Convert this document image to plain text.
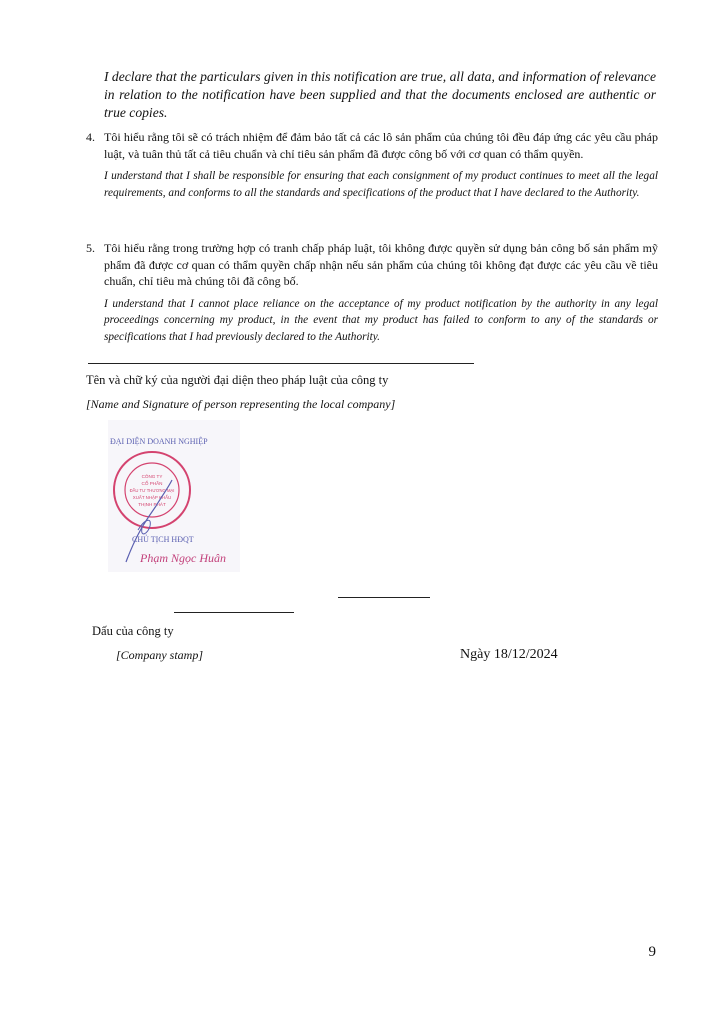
I declare that the particulars given in this notification are true, all data, and information of relevance in relation to the notification have been supplied and that the documents enclosed are authentic or true copies.
4. Tôi hiểu rằng tôi sẽ có trách nhiệm để đảm bảo tất cả các lô sản phẩm của chúng tôi đều đáp ứng các yêu cầu pháp luật, và tuân thủ tất cả tiêu chuẩn và chỉ tiêu sản phẩm đã được công bố với cơ quan có thẩm quyền.
I understand that I shall be responsible for ensuring that each consignment of my product continues to meet all the legal requirements, and conforms to all the standards and specifications of the product that I have declared to the Authority.
5. Tôi hiểu rằng trong trường hợp có tranh chấp pháp luật, tôi không được quyền sử dụng bản công bố sản phẩm mỹ phẩm đã được cơ quan có thẩm quyền chấp nhận nếu sản phẩm của chúng tôi không đạt được các yêu cầu về tiêu chuẩn, chỉ tiêu mà chúng tôi đã công bố.
I understand that I cannot place reliance on the acceptance of my product notification by the authority in any legal proceedings concerning my product, in the event that my product has failed to conform to any of the standards or specifications that I had previously declared to the Authority.
Tên và chữ ký của người đại diện theo pháp luật của công ty
[Name and Signature of person representing the local company]
ĐẠI DIỆN DOANH NGHIỆP
CÔNG TY
CỔ PHẦN
ĐẦU TƯ THƯƠNG MẠI
XUẤT NHẬP KHẨU
THỊNH PHÁT
CHỦ TỊCH HĐQT
Phạm Ngọc Huân
Dấu của công ty
[Company stamp]	Ngày 18/12/2024
9
